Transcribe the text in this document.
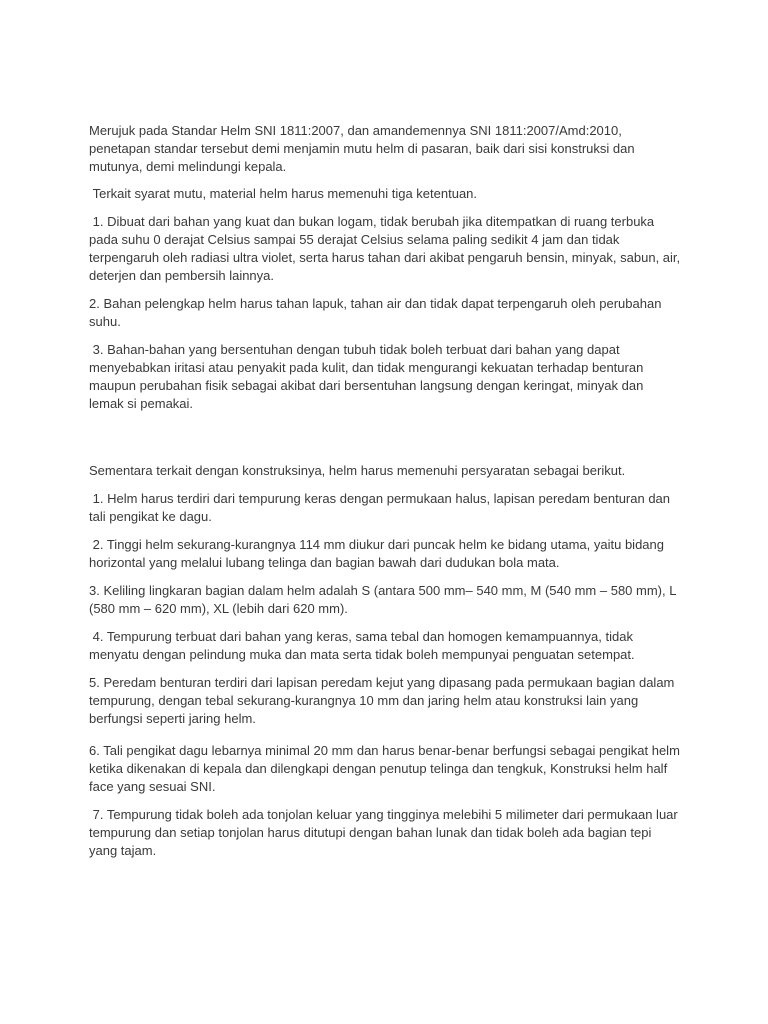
Merujuk pada Standar Helm SNI 1811:2007, dan amandemennya SNI 1811:2007/Amd:2010, penetapan standar tersebut demi menjamin mutu helm di pasaran, baik dari sisi konstruksi dan mutunya, demi melindungi kepala.

Terkait syarat mutu, material helm harus memenuhi tiga ketentuan.

1. Dibuat dari bahan yang kuat dan bukan logam, tidak berubah jika ditempatkan di ruang terbuka pada suhu 0 derajat Celsius sampai 55 derajat Celsius selama paling sedikit 4 jam dan tidak terpengaruh oleh radiasi ultra violet, serta harus tahan dari akibat pengaruh bensin, minyak, sabun, air, deterjen dan pembersih lainnya.

2. Bahan pelengkap helm harus tahan lapuk, tahan air dan tidak dapat terpengaruh oleh perubahan suhu.

3. Bahan-bahan yang bersentuhan dengan tubuh tidak boleh terbuat dari bahan yang dapat menyebabkan iritasi atau penyakit pada kulit, dan tidak mengurangi kekuatan terhadap benturan maupun perubahan fisik sebagai akibat dari bersentuhan langsung dengan keringat, minyak dan lemak si pemakai.

Sementara terkait dengan konstruksinya, helm harus memenuhi persyaratan sebagai berikut.

1. Helm harus terdiri dari tempurung keras dengan permukaan halus, lapisan peredam benturan dan tali pengikat ke dagu.

2. Tinggi helm sekurang-kurangnya 114 mm diukur dari puncak helm ke bidang utama, yaitu bidang horizontal yang melalui lubang telinga dan bagian bawah dari dudukan bola mata.

3. Keliling lingkaran bagian dalam helm adalah S (antara 500 mm– 540 mm, M (540 mm – 580 mm), L (580 mm – 620 mm), XL (lebih dari 620 mm).

4. Tempurung terbuat dari bahan yang keras, sama tebal dan homogen kemampuannya, tidak menyatu dengan pelindung muka dan mata serta tidak boleh mempunyai penguatan setempat.

5. Peredam benturan terdiri dari lapisan peredam kejut yang dipasang pada permukaan bagian dalam tempurung, dengan tebal sekurang-kurangnya 10 mm dan jaring helm atau konstruksi lain yang berfungsi seperti jaring helm.

6. Tali pengikat dagu lebarnya minimal 20 mm dan harus benar-benar berfungsi sebagai pengikat helm ketika dikenakan di kepala dan dilengkapi dengan penutup telinga dan tengkuk, Konstruksi helm half face yang sesuai SNI.

7. Tempurung tidak boleh ada tonjolan keluar yang tingginya melebihi 5 milimeter dari permukaan luar tempurung dan setiap tonjolan harus ditutupi dengan bahan lunak dan tidak boleh ada bagian tepi yang tajam.
